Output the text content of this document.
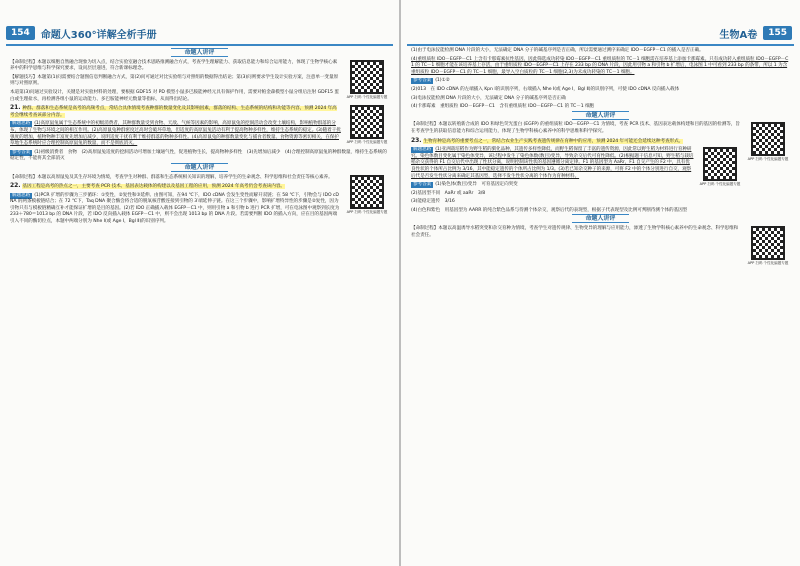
154	命题人360°详解全析手册
命题人讲评
APP 扫码 个性化编题专题

【命制过程】本题以细胞自然融合现象为切入点，结合实验室融合技术思路推测融合方式，考查学生理解能力、获取信息能力和综合运用能力，体现了生物学核心素养中的科学思维与科学探究要求，设问层层递进，符合新课标理念。

【解题技巧】本题第(1)问需要结合题图信息判断融合方式，第(2)问可通过对比实验组与对照组的数据得出结论；第(3)问则要求学生设计实验方案，注意单一变量原则与对照原则。

本道第(3)问通过实验设计，关键是对实验材料的处理，要根据 GDF15 对 PD 模型小鼠多巴胺能神经元具有保护作用，需要对帕金森模型小鼠分组后注射 GDF15 蛋白或生理盐水，再检测各组小鼠的运动能力、多巴胺能神经元数量等指标，从而得出结论。

APP 扫码 个性化编题专题

21. 种群、群落和生态系统是高考的高频考点，常结合具体情境考查种群的数量变化及其影响因素，群落的结构、生态系统的结构和功能等内容，预测 2024 年高考会继续考查该部分内容。

解题思路 (1)高原鼠兔属于生态系统中的初级消费者，其种群数量受到食物、天敌、气候等因素的影响，高原鼠兔的挖洞活动会改变土壤结构，影响植物群落的分布，体现了生物与环境之间的相互作用。(2)高原鼠兔种群密度过高时会破坏草地，但适度的高原鼠兔活动有利于提高物种多样性，维持生态系统的稳定。(3)随着干扰强度的增加，植物物种丰富度先增加后减少，说明适度干扰有利于维持群落的物种多样性。(4)高原鼠兔的种群数量变化与捕食者数量、食物资源等密切相关，在保护草地生态系统时应合理控制高原鼠兔的数量，而不是彻底消灭。

参考答案 (1)初级消费者　食物　(2)高原鼠兔适度的挖洞活动可增加土壤通气性，促进植物生长，提高物种多样性　(3)先增加后减少　(4)合理控制高原鼠兔的种群数量，维持生态系统的稳定性，不能将其全部消灭

命题人讲评
APP 扫码 个性化编题专题

【命制过程】本题以高原鼠兔及其生存环境为情境，考查学生对种群、群落和生态系统相关知识的理解，培养学生的生命观念、科学思维和社会责任等核心素养。

22. 基因工程是高考的热点之一，主要考查 PCR 技术、基因表达载体的构建以及基因工程的应用，预测 2024 年高考仍会考查该内容。

解题思路 (1)PCR 扩增的步骤为三步循环：①变性，②复性和③延伸。由图可知，在94 ℃下，IDO cDNA 会发生变性而解开双链；在 58 ℃下，引物会与 IDO cDNA 的两条模板链结合；在 72 ℃下，Taq DNA 聚合酶会将合适的脱氧核苷酸连接到引物的 3′端延伸子链。在这三个步骤中，影响扩增特异性的步骤是②复性，因为引物只有与模板链精确互补才能保证扩增的是目的基因。(2)若 IDO 正确插入载体 EGFP－C1 中，则用引物 a 和引物 b 进行 PCR 扩增，可在电泳图中观察到长度为 233＋780＝1013 bp 的 DNA 片段，若 IDO 反向插入载体 EGFP－C1 中，则不会出现 1013 bp 的 DNA 片段。若需要判断 IDO 的插入方向，应在目的基因两端引入不同的酶切位点，本题中两端分别为 Nhe Ⅰ(或 Age Ⅰ，Bgl Ⅱ)的识别序列。

生物A卷	155

(1)由于电泳仪能检测 DNA 片段的大小，无法确定 DNA 分子的碱基序列是否正确，所以需要通过测序来确定 IDO－EGFP－C1 的插入是否正确。

(4)重组质粒 IDO－EGFP－C1 上含有卡那霉素抗性基因，因此筛选成功转染 IDO－EGFP－C1 重组质粒的 TC－1 细胞需在培养基上添加卡那霉素。只有成功转入重组质粒 IDO－EGFP－C1 的 TC－1 细胞才能在该培养基上存活，由于重组质粒 IDO－EGFP－C1 上存在 233 bp 的 DNA 片段，因此用引物 a 和引物 b 扩增后，电泳图 1 中可看到 233 bp 的条带，所以 1 为含重组质粒 IDO－EGFP－C1 的 TC－1 细胞，最导入空白质粒的 TC－1 细胞(2,3)为未成功转染的 TC－1 细胞。

参考答案 (1)①②

(2)013　在 IDO cDNA 的左端插入 Kpn Ⅰ的识别序列，右端插入 Nhe Ⅰ(或 Age Ⅰ，Bgl Ⅱ)的识别序列，可使 IDO cDNA 反向插入载体

(3)电泳仪能检测 DNA 片段的大小，无法确定 DNA 分子的碱基序列是否正确

(4)卡那霉素　重组质粒 IDO－EGFP－C1　含有重组质粒 IDO－EGFP－C1 的 TC－1 细胞

命题人讲评
APP 扫码 个性化编题专题

【命制过程】本题以转殖新合成的 IDO 和绿色荧光蛋白 (EGFP) 的重组质粒 IDO－EGFP－C1 为情境，考查 PCR 技术、基因表达载体构建和目的基因的检测等，旨在考查学生的获取信息能力和综合运用能力，体现了生物学科核心素养中的科学思维和科学探究。

23. 生物育种是高考的重要考点之一，常结合农业生产实践考查遗传规律在育种中的应用，预测 2024 年可能还会延续这种考查形式。

APP 扫码 个性化编题专题

解题思路 (1)亚洲栽培稻作为野生稻的驯化品种，其遗传多样性降低，而野生稻保留了丰富的遗传资源，因此常以野生稻为材料进行育种研究。染色体数目变化属于染色体变异，该过程中发生了染色体数(数目)变异，导致杂交后代可育性降低。(2)根据题干信息可知，野生稻与栽培稻杂交获得的 F1 自交后代中出现了性状分离，说明控制该性状的基因遵循分离定律。F1 的基因型为 AaRr，F1 自交产生的 F2 中，具有优良性状的个体所占比例为 3/16，其中能稳定遗传的个体所占比例为 1/3。(3)若已知杂交种子的来源，可将 F2 中的个体分别进行自交，观察后代是否发生性状分离来确定其基因型，选择不发生性状分离的个体作为育种材料。

参考答案 (1)染色体(数目)变异　可育基因定向突变

(2)基因型不同　AaRr 或 aaRr　3/8

(3)能稳定遗传　3/16

(4)白色和紫色　用基因型为 AARR 的纯合紫色品系与待测个体杂交，观察后代的表现型，根据子代表现型及比例可判断待测个体的基因型

命题人讲评
APP 扫码 个性化编题专题

【命制过程】本题以高温诱导水稻突变和杂交育种为情境，考查学生对遗传规律、生物变异的理解与应用能力，渗透了生物学科核心素养中的生命观念、科学思维和社会责任。
